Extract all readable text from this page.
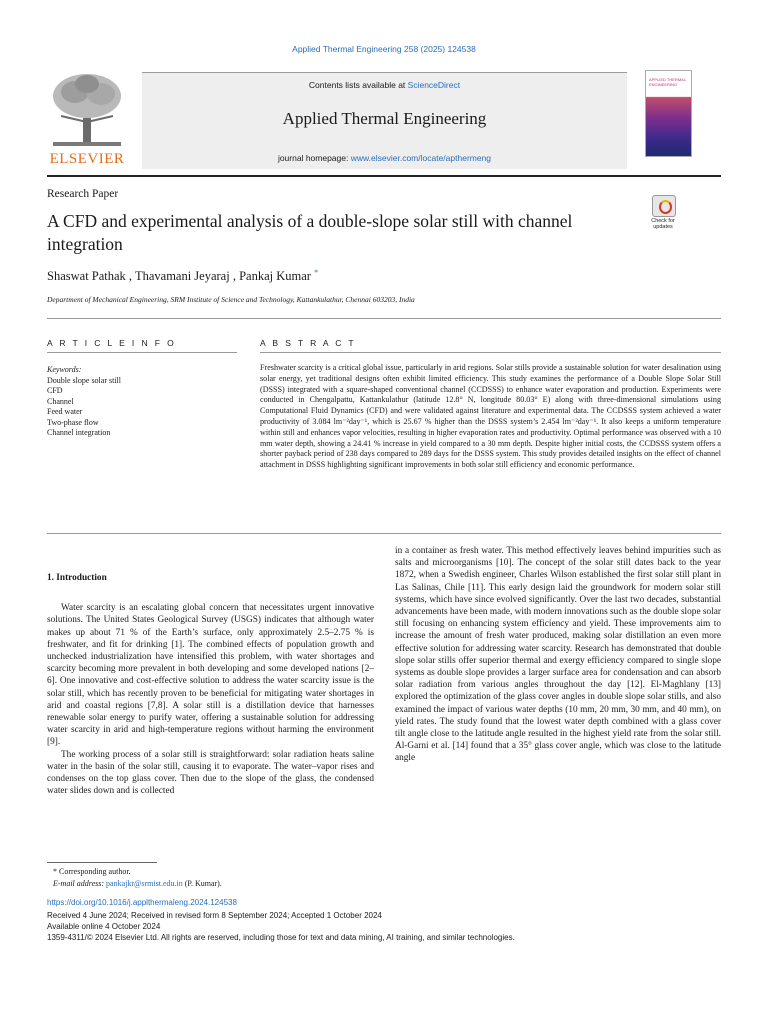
Applied Thermal Engineering 258 (2025) 124538
ELSEVIER
Contents lists available at ScienceDirect
Applied Thermal Engineering
journal homepage: www.elsevier.com/locate/apthermeng
APPLIED THERMAL ENGINEERING
Research Paper
A CFD and experimental analysis of a double-slope solar still with channel integration
Check for updates
Shaswat Pathak , Thavamani Jeyaraj , Pankaj Kumar *
Department of Mechanical Engineering, SRM Institute of Science and Technology, Kattankulathur, Chennai 603203, India
A R T I C L E I N F O
Keywords:
Double slope solar still
CFD
Channel
Feed water
Two-phase flow
Channel integration
A B S T R A C T
Freshwater scarcity is a critical global issue, particularly in arid regions. Solar stills provide a sustainable solution for water desalination using solar energy, yet traditional designs often exhibit limited efficiency. This study examines the performance of a Double Slope Solar Still (DSSS) integrated with a square-shaped conventional channel (CCDSSS) to enhance water evaporation and production. Experiments were conducted in Chengalpattu, Kattankulathur (latitude 12.8° N, longitude 80.03° E) along with three-dimensional simulations using Computational Fluid Dynamics (CFD) and were validated against literature and experimental data. The CCDSSS system achieved a water productivity of 3.084 lm⁻²day⁻¹, which is 25.67 % higher than the DSSS system’s 2.454 lm⁻²day⁻¹. It also keeps a uniform temperature within still and enhances vapor velocities, resulting in higher evaporation rates and productivity. Optimal performance was observed with a 10 mm water depth, showing a 24.41 % increase in yield compared to a 30 mm depth. Despite higher initial costs, the CCDSSS system offers a shorter payback period of 238 days compared to 289 days for the DSSS system. This study provides detailed insights on the effect of channel attachment in DSSS highlighting significant improvements in both solar still efficiency and economic performance.
1. Introduction

Water scarcity is an escalating global concern that necessitates urgent innovative solutions. The United States Geological Survey (USGS) indicates that although water makes up about 71 % of the Earth’s surface, only approximately 2.5–2.75 % is freshwater, and fit for drinking [1]. The combined effects of population growth and unchecked industrialization have intensified this problem, with water shortages and scarcity becoming more prevalent in both developing and some developed nations [2–6]. One innovative and cost-effective solution to address the water scarcity issue is the solar still, which has recently proven to be beneficial for mitigating water shortages in arid and coastal regions [7,8]. A solar still is a distillation device that harnesses renewable solar energy to purify water, offering a sustainable solution for addressing water scarcity in arid and high-temperature regions without harming the environment [9].

The working process of a solar still is straightforward: solar radiation heats saline water in the basin of the solar still, causing it to evaporate. The water–vapor rises and condenses on the top glass cover. Then due to the slope of the glass, the condensed water slides down and is collected

in a container as fresh water. This method effectively leaves behind impurities such as salts and microorganisms [10]. The concept of the solar still dates back to the year 1872, when a Swedish engineer, Charles Wilson established the first solar still plant in Las Salinas, Chile [11]. This early design laid the groundwork for modern solar still systems, which have since evolved significantly. Over the last two decades, substantial advancements have been made, with modern innovations such as the double slope solar still focusing on enhancing system efficiency and yield. These improvements aim to increase the amount of fresh water produced, making solar distillation an even more effective solution for addressing water scarcity. Research has demonstrated that double slope solar stills offer superior thermal and exergy efficiency compared to single slope systems as double slope provides a larger surface area for condensation and can absorb solar radiation from various angles throughout the day [12]. El-Maghlany [13] explored the optimization of the glass cover angles in double slope solar stills, and also examined the impact of various water depths (10 mm, 20 mm, 30 mm, and 40 mm), on yield rates. The study found that the lowest water depth combined with a glass cover tilt angle close to the latitude angle resulted in the highest yield rate from the solar still. Al-Garni et al. [14] found that a 35° glass cover angle, which was close to the latitude angle

* Corresponding author.
E-mail address: pankajkr@srmist.edu.in (P. Kumar).
https://doi.org/10.1016/j.applthermaleng.2024.124538
Received 4 June 2024; Received in revised form 8 September 2024; Accepted 1 October 2024
Available online 4 October 2024
1359-4311/© 2024 Elsevier Ltd. All rights are reserved, including those for text and data mining, AI training, and similar technologies.
